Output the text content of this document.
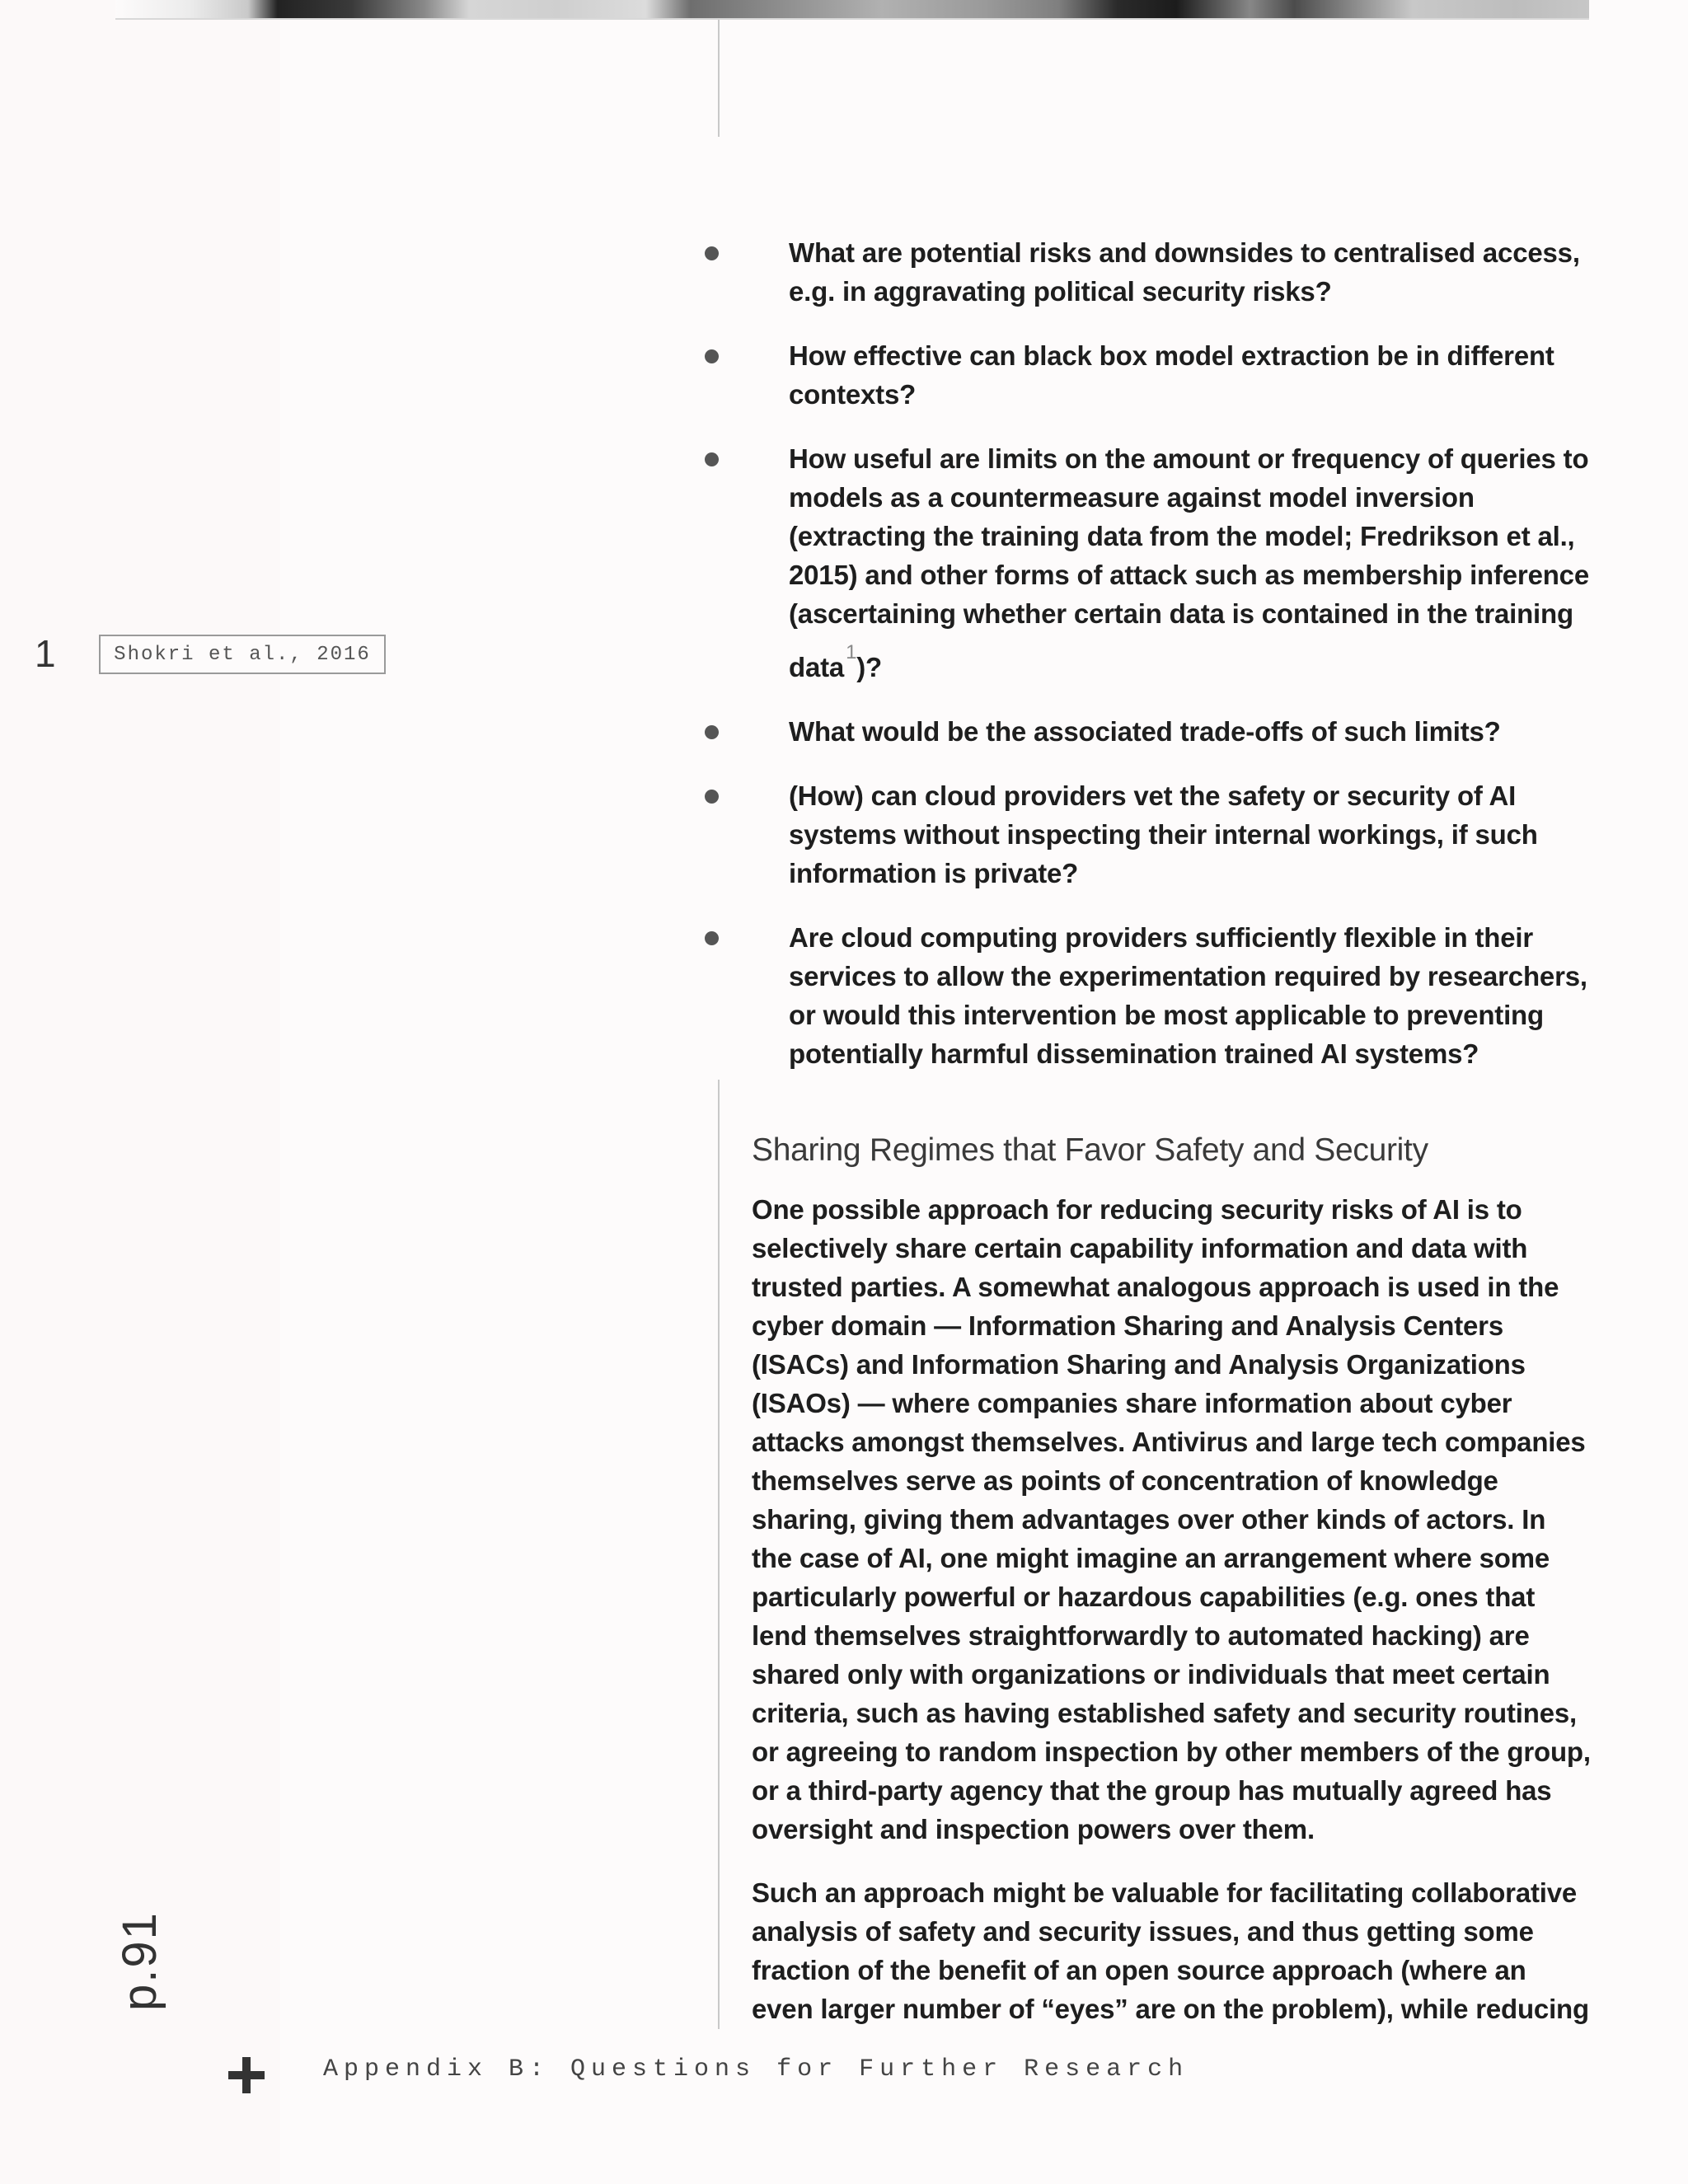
What are potential risks and downsides to centralised access, e.g. in aggravating political security risks?
How effective can black box model extraction be in different contexts?
How useful are limits on the amount or frequency of queries to models as a countermeasure against model inversion (extracting the training data from the model; Fredrikson et al., 2015) and other forms of attack such as membership inference (ascertaining whether certain data is contained in the training data$^1$)?
What would be the associated trade-offs of such limits?
(How) can cloud providers vet the safety or security of AI systems without inspecting their internal workings, if such information is private?
Are cloud computing providers sufficiently flexible in their services to allow the experimentation required by researchers, or would this intervention be most applicable to preventing potentially harmful dissemination trained AI systems?
1	Shokri et al., 2016
Sharing Regimes that Favor Safety and Security

One possible approach for reducing security risks of AI is to selectively share certain capability information and data with trusted parties. A somewhat analogous approach is used in the cyber domain — Information Sharing and Analysis Centers (ISACs) and Information Sharing and Analysis Organizations (ISAOs) — where companies share information about cyber attacks amongst themselves. Antivirus and large tech companies themselves serve as points of concentration of knowledge sharing, giving them advantages over other kinds of actors. In the case of AI, one might imagine an arrangement where some particularly powerful or hazardous capabilities (e.g. ones that lend themselves straightforwardly to automated hacking) are shared only with organizations or individuals that meet certain criteria, such as having established safety and security routines, or agreeing to random inspection by other members of the group, or a third-party agency that the group has mutually agreed has oversight and inspection powers over them.

Such an approach might be valuable for facilitating collaborative analysis of safety and security issues, and thus getting some fraction of the benefit of an open source approach (where an even larger number of “eyes” are on the problem), while reducing

p.91
Appendix B: Questions for Further Research
